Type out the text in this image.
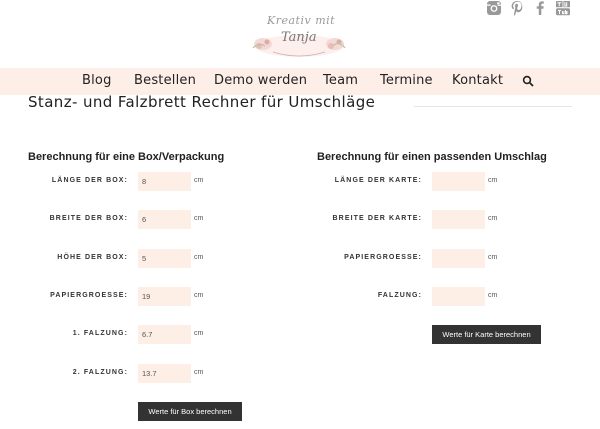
Kreativ mit
Tanja
Blog Bestellen Demo werden Team Termine Kontakt
Stanz- und Falzbrett Rechner für Umschläge
Berechnung für eine Box/Verpackung
LÄNGE DER BOX:
8	cm
BREITE DER BOX:
6	cm
HÖHE DER BOX:
5	cm
PAPIERGROESSE:
19	cm
1. FALZUNG:
6.7	cm
2. FALZUNG:
13.7	cm
Werte für Box berechnen
Berechnung für einen passenden Umschlag
LÄNGE DER KARTE:	cm
BREITE DER KARTE:	cm
PAPIERGROESSE:	cm
FALZUNG:	cm
Werte für Karte berechnen
